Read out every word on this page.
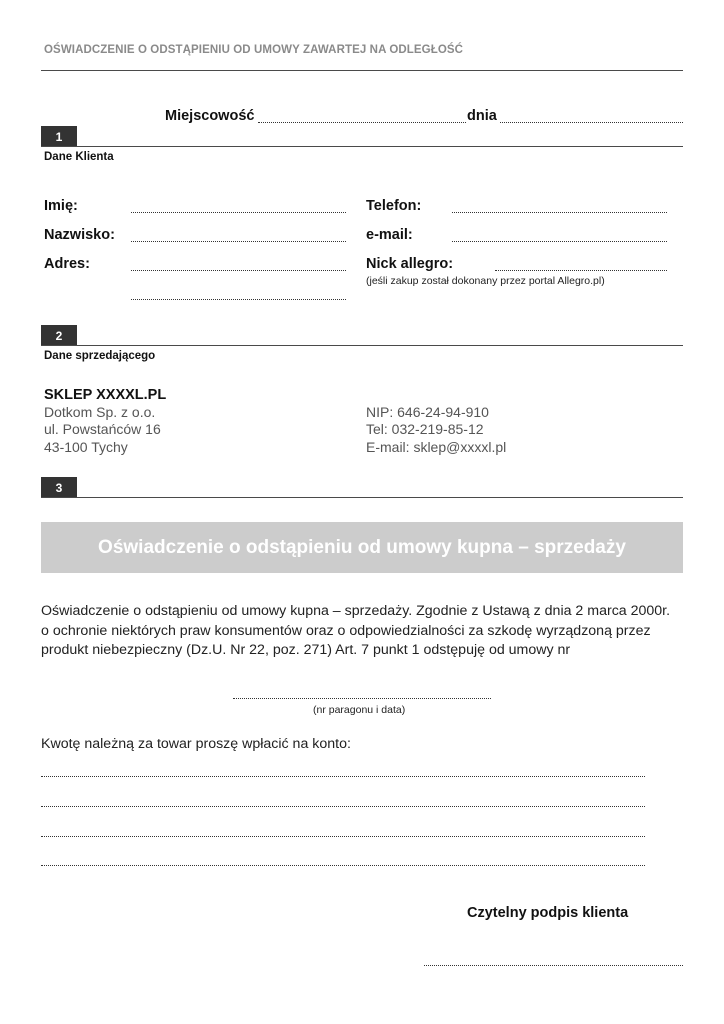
OŚWIADCZENIE O ODSTĄPIENIU OD UMOWY ZAWARTEJ NA ODLEGŁOŚĆ
Miejscowość	dnia
1
Dane Klienta
Imię:
Nazwisko:
Adres:
Telefon:
e-mail:
Nick allegro:
(jeśli zakup został dokonany przez portal Allegro.pl)
2
Dane sprzedającego
SKLEP XXXXL.PL
Dotkom Sp. z o.o.
ul. Powstańców 16
43-100 Tychy
NIP: 646-24-94-910
Tel: 032-219-85-12
E-mail: sklep@xxxxl.pl
3
Oświadczenie o odstąpieniu od umowy kupna – sprzedaży
Oświadczenie o odstąpieniu od umowy kupna – sprzedaży. Zgodnie z Ustawą z dnia 2 marca 2000r.
o ochronie niektórych praw konsumentów oraz o odpowiedzialności za szkodę wyrządzoną przez
produkt niebezpieczny (Dz.U. Nr 22, poz. 271) Art. 7 punkt 1 odstępuję od umowy nr
(nr paragonu i data)
Kwotę należną za towar proszę wpłacić na konto:
Czytelny podpis klienta
